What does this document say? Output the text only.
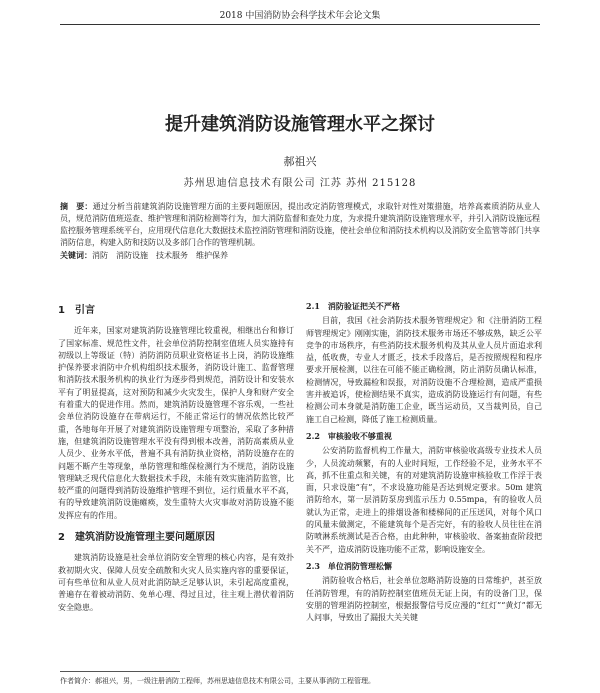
2018 中国消防协会科学技术年会论文集
提升建筑消防设施管理水平之探讨
郝祖兴
苏州思迪信息技术有限公司 江苏 苏州 215128
摘　要：通过分析当前建筑消防设施管理方面的主要问题原因，提出改定消防管理模式，求取针对性对策措施，培养高素质消防从业人员，规范消防值班巡查、维护管理和消防检测等行为，加大消防监督和查处力度，为求提升建筑消防设施管理水平，并引入消防设施远程监控服务管理系统平台，应用现代信息化大数据技术监控消防管理和消防设施，使社会单位和消防技术机构以及消防安全监管等部门共享消防信息，构建入防和技防以及多部门合作的管理机制。
关键词：消防　消防设施　技术服务　维护保养
1　引言

近年来，国家对建筑消防设施管理比较重视，相继出台和修订了国家标准、规范性文件，社会单位消防控制室值班人员实施持有初级以上等级证（特）消防消防员职业资格证书上岗，消防设施维护保养要求消防中介机构组织技术服务，消防设计施工、监督管理和消防技术服务机构的执业行为逐步得到规范，消防设计和安装水平有了明显提高，这对预防和减少火灾发生，保护人身和财产安全有着重大的促进作用。然而，建筑消防设施管理不容乐观，一些社会单位消防设施存在带病运行，不能正常运行的情况依然比较严重，各地每年开展了对建筑消防设施管理专项整治，采取了多种措施，但建筑消防设施管理水平没有得到根本改善，消防高素质从业人员少、业务水平低，普遍不具有消防执业资格，消防设施存在的问题不断产生等现象，单防管理和维保检测行为不规范，消防设施管理缺乏现代信息化大数据技术手段，未能有效实施消防监管，比较严重的问题得到消防设施维护管理不到位，运行质量水平不高，有的导致建筑消防设施瘫痪，发生重特大火灾事故对消防设施不能发挥应有的作用。

2　建筑消防设施管理主要问题原因

建筑消防设施是社会单位消防安全管理的核心内容，是有效扑救初期火灾、保障人员安全疏散和火灾人员实施内容的重要保证，可有些单位和从业人员对此消防缺乏足够认识，未引起高度重视，普遍存在着被动消防、免单心理、得过且过，往主观上潜伏着消防安全隐患。

2.1　消防验证把关不严格

目前，我国《社会消防技术服务管理规定》和《注册消防工程师管理规定》刚刚实施，消防技术服务市场还不够成熟，缺乏公平竞争的市场秩序，有些消防技术服务机构及其从业人员片面追求利益，低收费，专业人才匮乏，技术手段落后，是否按照规程和程序要求开展检测，以往在可能不能正确检测，防止消防员确认标准，检测情况，导致漏检和误报，对消防设施不合理检测，造成严重损害并被追诉，使检测结果不真实，造成消防设施运行有问题，有些检测公司本身就是消防施工企业，既当运动员，又当裁判员，自己施工自己检测，降低了施工检测质量。

2.2　审核验收不够重视

公安消防监督机构工作量大，消防审核验收高级专业技术人员少，人员流动频繁，有的人业时间短，工作经验不足，业务水平不高，抓不住重点和关键，有的对建筑消防设施审核验收工作浮于表面，只求设施“有”，不求设施功能是否达到规定要求。50m 建筑消防给水，第一层消防泵房到监示压力 0.55mpa，有的验收人员就认为正常，走进上的排烟设备和楼梯间的正压送风，对每个风口的风量未做测定，不能建筑每个是否完好，有的验收人员往往在消防喷淋系统测试是否合格，由此种种，审核验收、备案抽查阶段把关不严，造成消防设施功能不正常，影响设施安全。

2.3　单位消防管理松懈

消防验收合格后，社会单位忽略消防设施的日常维护，甚至放任消防管理，有的消防控制室值班员无证上岗，有的设备门卫，保安朋的管理消防控制室，根据报警信号反应漫的“红灯”“黄灯”都无人问事，导致出了漏报大关关键

作者简介：郝祖兴，男，一级注册消防工程师，苏州思迪信息技术有限公司，主要从事消防工程管理。
